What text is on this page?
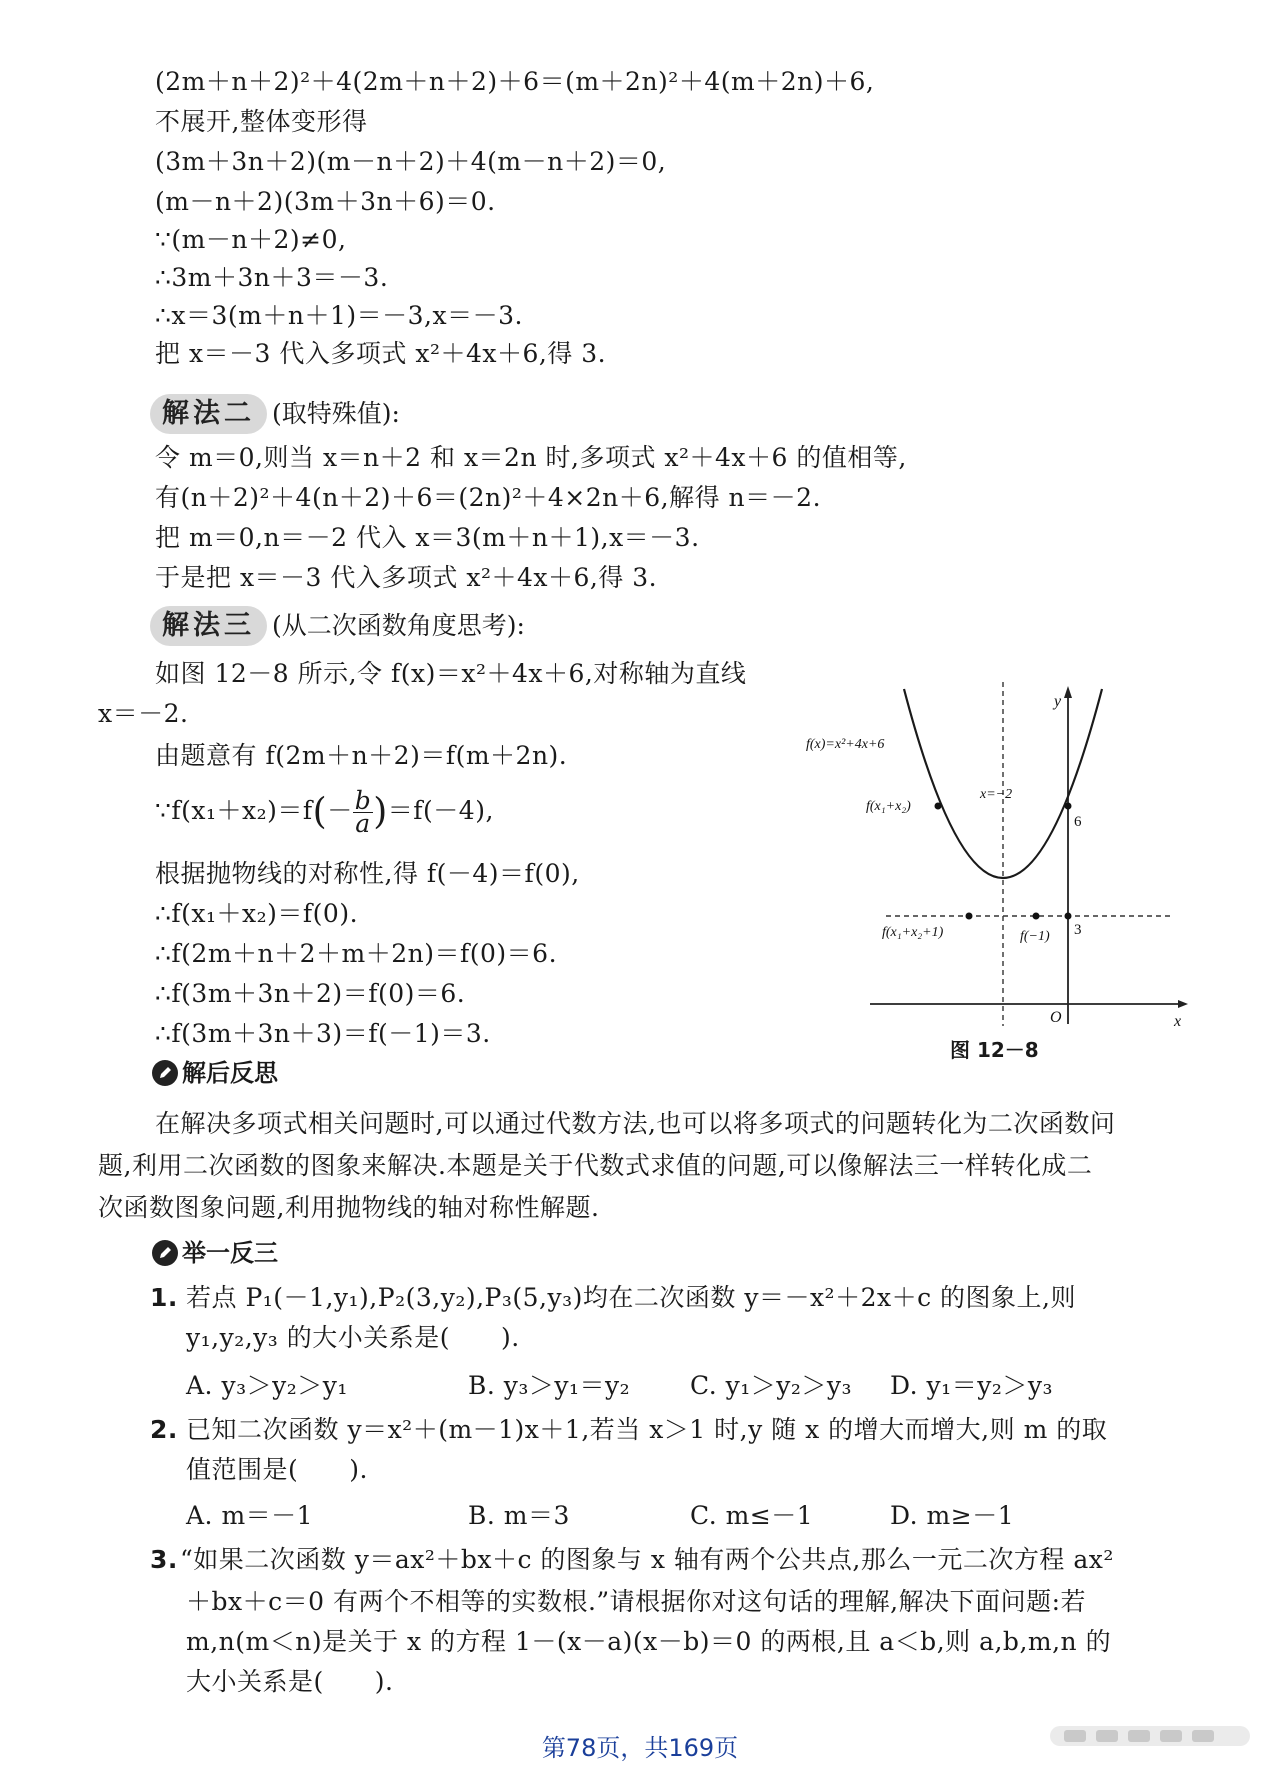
(2m＋n＋2)²＋4(2m＋n＋2)＋6＝(m＋2n)²＋4(m＋2n)＋6,
不展开,整体变形得
(3m＋3n＋2)(m－n＋2)＋4(m－n＋2)＝0,
(m－n＋2)(3m＋3n＋6)＝0.
∵(m－n＋2)≠0,
∴3m＋3n＋3＝－3.
∴x＝3(m＋n＋1)＝－3,x＝－3.
把 x＝－3 代入多项式 x²＋4x＋6,得 3.
解法二 (取特殊值):
令 m＝0,则当 x＝n＋2 和 x＝2n 时,多项式 x²＋4x＋6 的值相等,
有(n＋2)²＋4(n＋2)＋6＝(2n)²＋4×2n＋6,解得 n＝－2.
把 m＝0,n＝－2 代入 x＝3(m＋n＋1),x＝－3.
于是把 x＝－3 代入多项式 x²＋4x＋6,得 3.
解法三 (从二次函数角度思考):
如图 12－8 所示,令 f(x)＝x²＋4x＋6,对称轴为直线
x＝－2.
由题意有 f(2m＋n＋2)＝f(m＋2n).
∵f(x₁＋x₂)＝f(－ $\frac{b}{a} )=f(-4)$,
根据抛物线的对称性,得 f(－4)＝f(0),
∴f(x₁＋x₂)＝f(0).
∴f(2m＋n＋2＋m＋2n)＝f(0)＝6.
∴f(3m＋3n＋2)＝f(0)＝6.
∴f(3m＋3n＋3)＝f(－1)＝3.
f(x)=x²+4x+6
x=−2
f(x₁+x₂)
6
f(x₁+x₂+1)	f(−1) 3
O	x
y
图 12－8
解后反思
在解决多项式相关问题时,可以通过代数方法,也可以将多项式的问题转化为二次函数问
题,利用二次函数的图象来解决.本题是关于代数式求值的问题,可以像解法三一样转化成二
次函数图象问题,利用抛物线的轴对称性解题.
举一反三
1. 若点 P₁(－1,y₁),P₂(3,y₂),P₃(5,y₃)均在二次函数 y＝－x²＋2x＋c 的图象上,则
y₁,y₂,y₃ 的大小关系是(　　).
A. y₃＞y₂＞y₁	B. y₃＞y₁＝y₂ C. y₁＞y₂＞y₃ D. y₁＝y₂＞y₃
2. 已知二次函数 y＝x²＋(m－1)x＋1,若当 x＞1 时,y 随 x 的增大而增大,则 m 的取
值范围是(　　).
A. m＝－1	B. m＝3	C. m≤－1	D. m≥－1
3. “如果二次函数 y＝ax²＋bx＋c 的图象与 x 轴有两个公共点,那么一元二次方程 ax²
＋bx＋c＝0 有两个不相等的实数根.”请根据你对这句话的理解,解决下面问题:若
m,n(m＜n)是关于 x 的方程 1－(x－a)(x－b)＝0 的两根,且 a＜b,则 a,b,m,n 的
大小关系是(　　).
第78页，共169页
